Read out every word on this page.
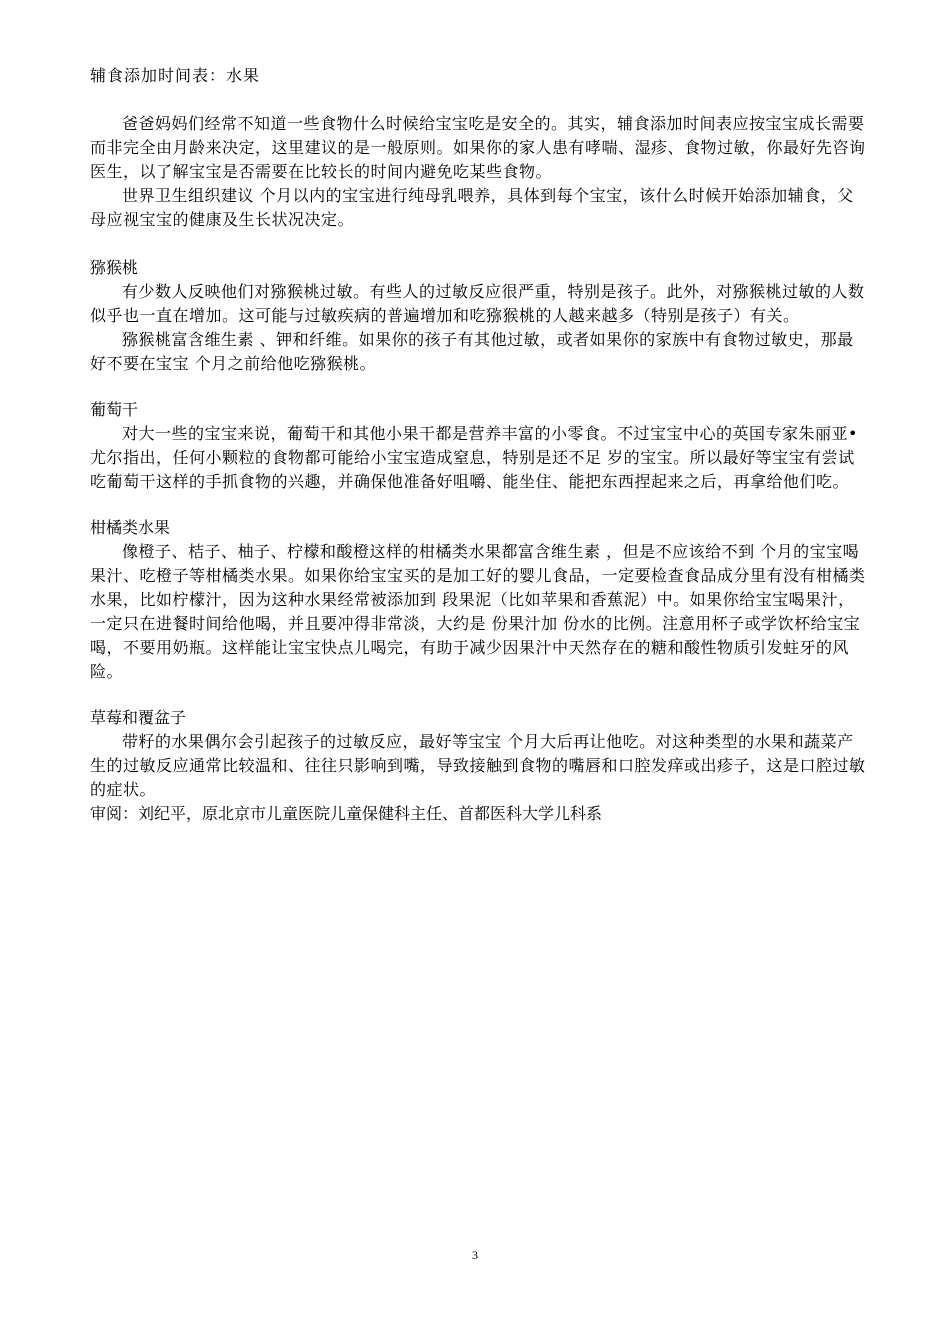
辅食添加时间表：水果

爸爸妈妈们经常不知道一些食物什么时候给宝宝吃是安全的。其实，辅食添加时间表应按宝宝成长需要而非完全由月龄来决定，这里建议的是一般原则。如果你的家人患有哮喘、湿疹、食物过敏，你最好先咨询医生，以了解宝宝是否需要在比较长的时间内避免吃某些食物。

世界卫生组织建议 个月以内的宝宝进行纯母乳喂养，具体到每个宝宝，该什么时候开始添加辅食，父母应视宝宝的健康及生长状况决定。

猕猴桃

有少数人反映他们对猕猴桃过敏。有些人的过敏反应很严重，特别是孩子。此外，对猕猴桃过敏的人数似乎也一直在增加。这可能与过敏疾病的普遍增加和吃猕猴桃的人越来越多（特别是孩子）有关。

猕猴桃富含维生素 、钾和纤维。如果你的孩子有其他过敏，或者如果你的家族中有食物过敏史，那最好不要在宝宝 个月之前给他吃猕猴桃。

葡萄干

对大一些的宝宝来说，葡萄干和其他小果干都是营养丰富的小零食。不过宝宝中心的英国专家朱丽亚•尤尔指出，任何小颗粒的食物都可能给小宝宝造成窒息，特别是还不足 岁的宝宝。所以最好等宝宝有尝试吃葡萄干这样的手抓食物的兴趣，并确保他准备好咀嚼、能坐住、能把东西捏起来之后，再拿给他们吃。

柑橘类水果

像橙子、桔子、柚子、柠檬和酸橙这样的柑橘类水果都富含维生素 ，但是不应该给不到 个月的宝宝喝果汁、吃橙子等柑橘类水果。如果你给宝宝买的是加工好的婴儿食品，一定要检查食品成分里有没有柑橘类水果，比如柠檬汁，因为这种水果经常被添加到 段果泥（比如苹果和香蕉泥）中。如果你给宝宝喝果汁，一定只在进餐时间给他喝，并且要冲得非常淡，大约是 份果汁加 份水的比例。注意用杯子或学饮杯给宝宝喝，不要用奶瓶。这样能让宝宝快点儿喝完，有助于减少因果汁中天然存在的糖和酸性物质引发蛀牙的风险。

草莓和覆盆子

带籽的水果偶尔会引起孩子的过敏反应，最好等宝宝 个月大后再让他吃。对这种类型的水果和蔬菜产生的过敏反应通常比较温和、往往只影响到嘴，导致接触到食物的嘴唇和口腔发痒或出疹子，这是口腔过敏的症状。

审阅：刘纪平，原北京市儿童医院儿童保健科主任、首都医科大学儿科系
3
